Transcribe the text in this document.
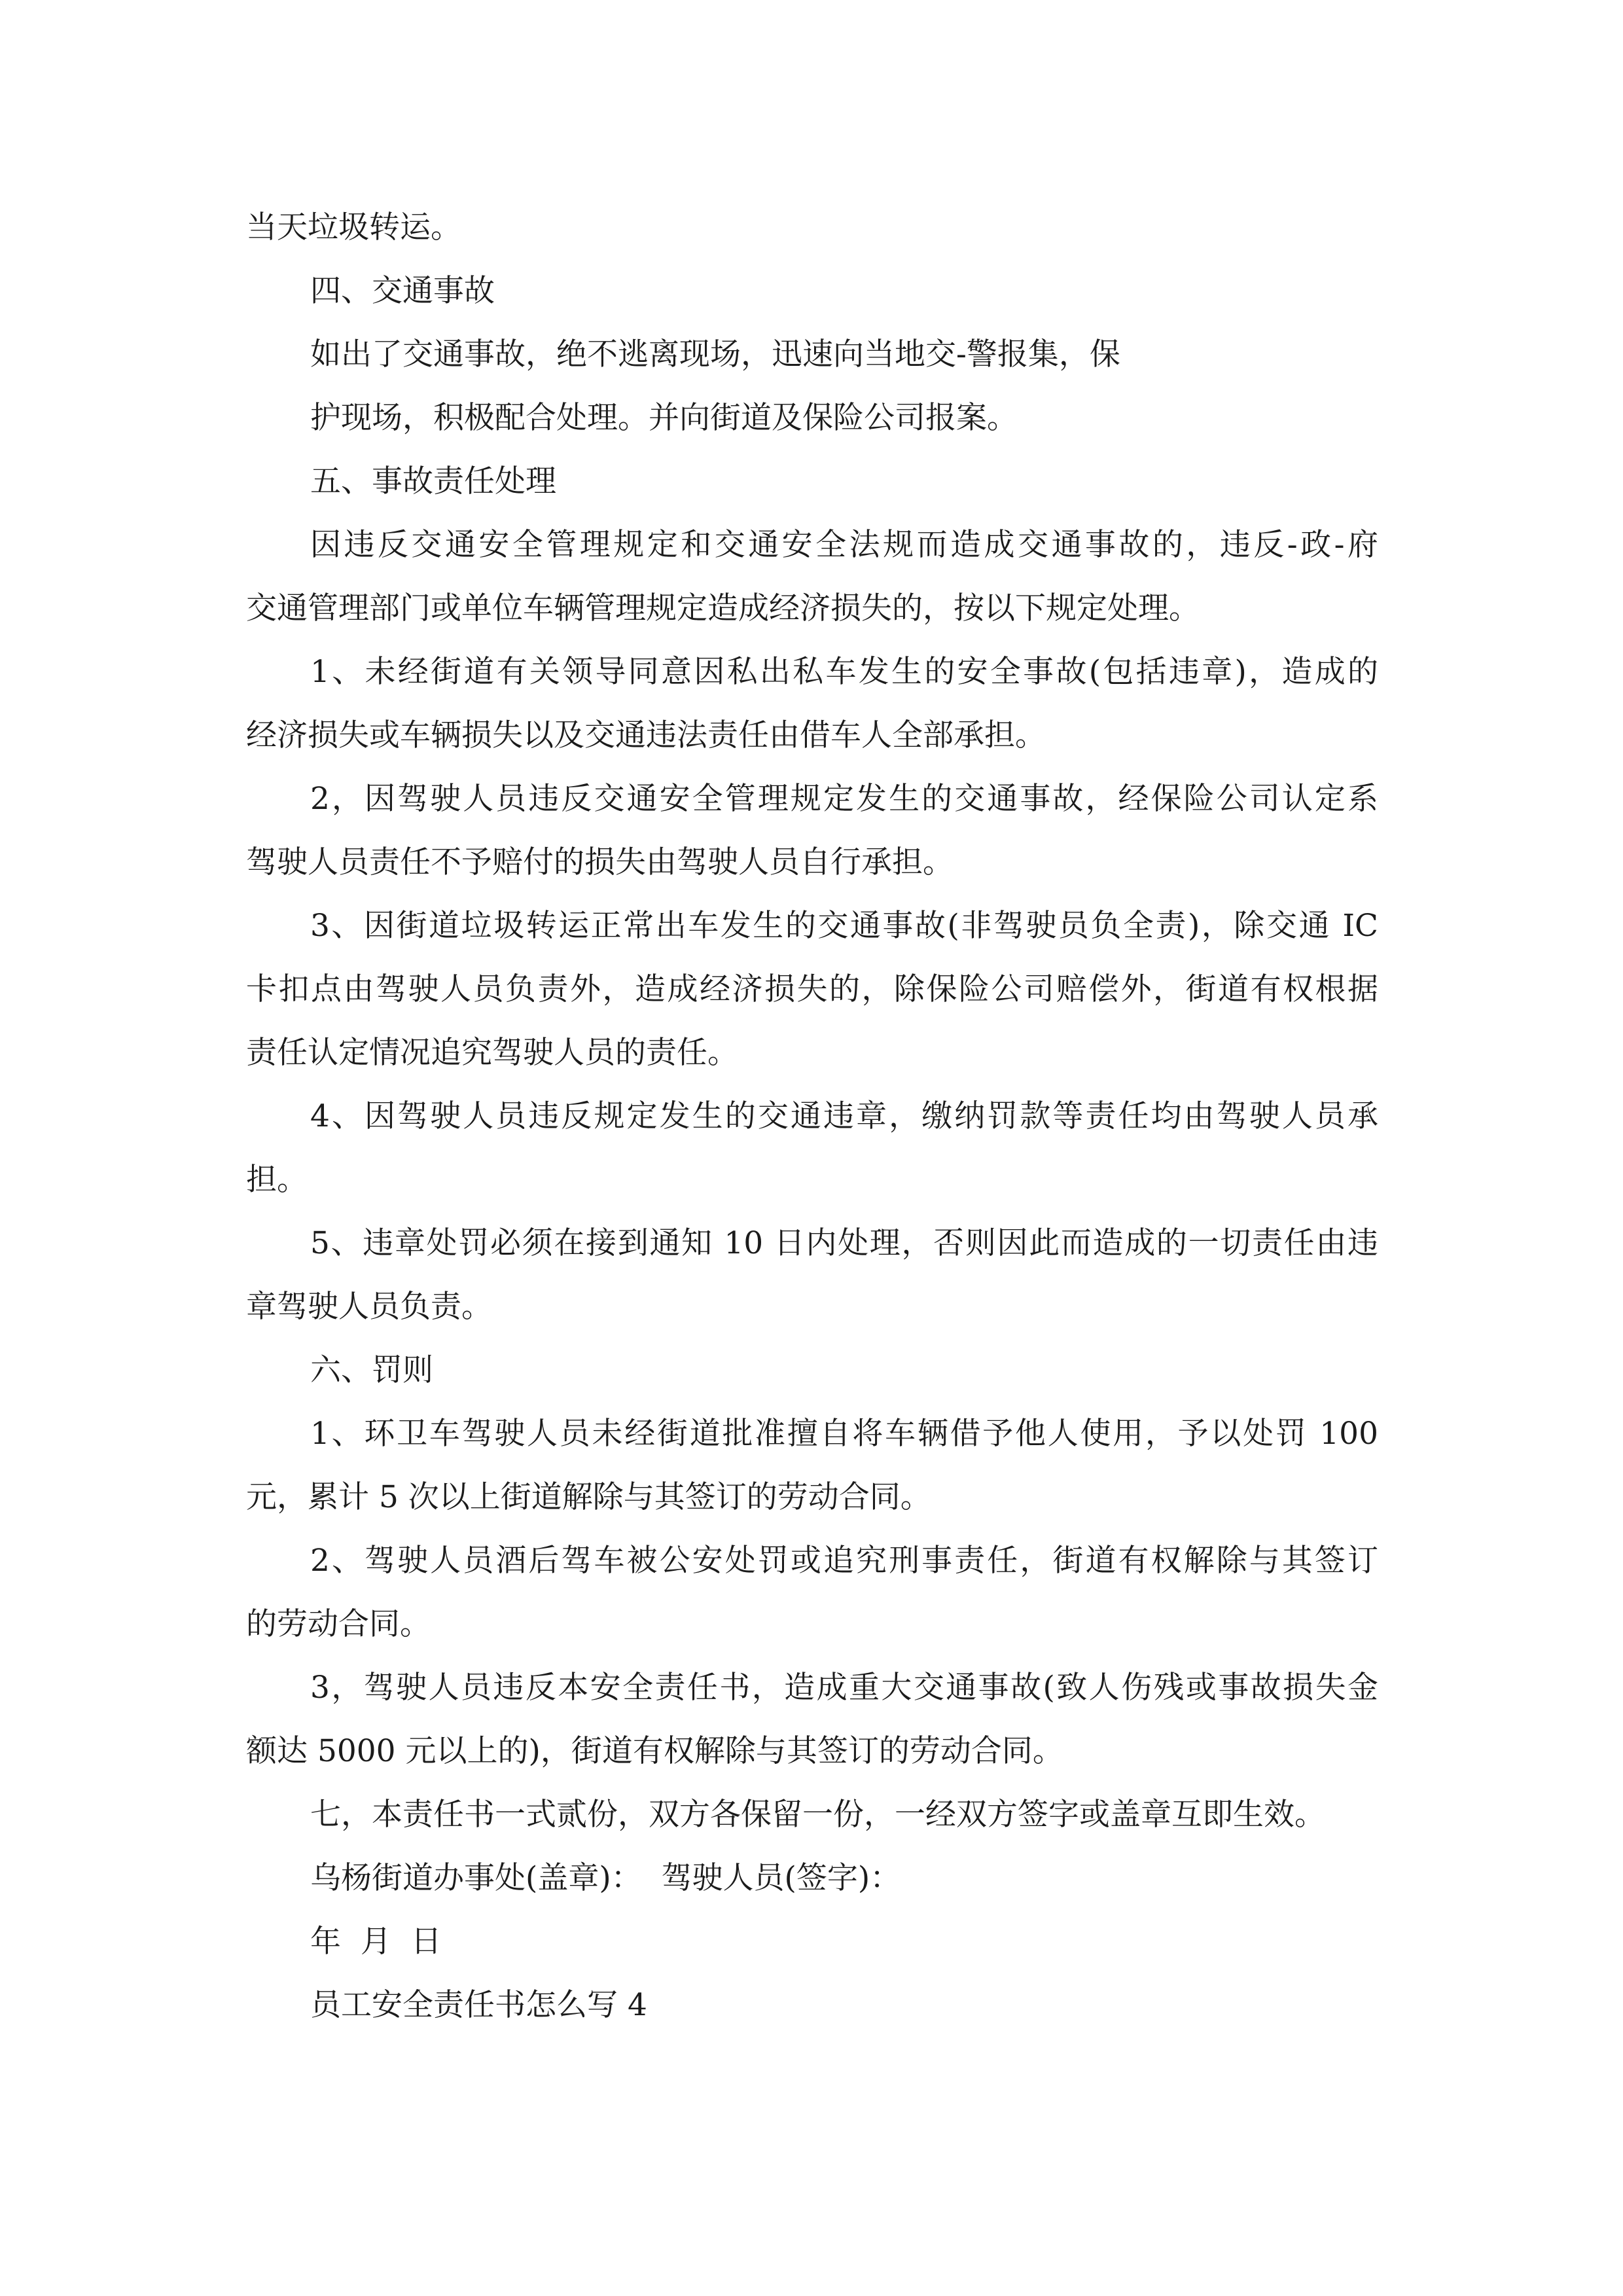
当天垃圾转运。

四、交通事故

如出了交通事故，绝不逃离现场，迅速向当地交-警报集，保

护现场，积极配合处理。并向街道及保险公司报案。

五、事故责任处理

因违反交通安全管理规定和交通安全法规而造成交通事故的，违反-政-府

交通管理部门或单位车辆管理规定造成经济损失的，按以下规定处理。

1、未经街道有关领导同意因私出私车发生的安全事故(包括违章)，造成的

经济损失或车辆损失以及交通违法责任由借车人全部承担。

2，因驾驶人员违反交通安全管理规定发生的交通事故，经保险公司认定系

驾驶人员责任不予赔付的损失由驾驶人员自行承担。

3、因街道垃圾转运正常出车发生的交通事故(非驾驶员负全责)，除交通 IC

卡扣点由驾驶人员负责外，造成经济损失的，除保险公司赔偿外，街道有权根据

责任认定情况追究驾驶人员的责任。

4、因驾驶人员违反规定发生的交通违章，缴纳罚款等责任均由驾驶人员承

担。

5、违章处罚必须在接到通知 10 日内处理，否则因此而造成的一切责任由违

章驾驶人员负责。

六、罚则

1、环卫车驾驶人员未经街道批准擅自将车辆借予他人使用，予以处罚 100

元，累计 5 次以上街道解除与其签订的劳动合同。

2、驾驶人员酒后驾车被公安处罚或追究刑事责任，街道有权解除与其签订

的劳动合同。

3，驾驶人员违反本安全责任书，造成重大交通事故(致人伤残或事故损失金

额达 5000 元以上的)，街道有权解除与其签订的劳动合同。

七，本责任书一式贰份，双方各保留一份，一经双方签字或盖章互即生效。

乌杨街道办事处(盖章)：  驾驶人员(签字)：

年  月  日

员工安全责任书怎么写 4
